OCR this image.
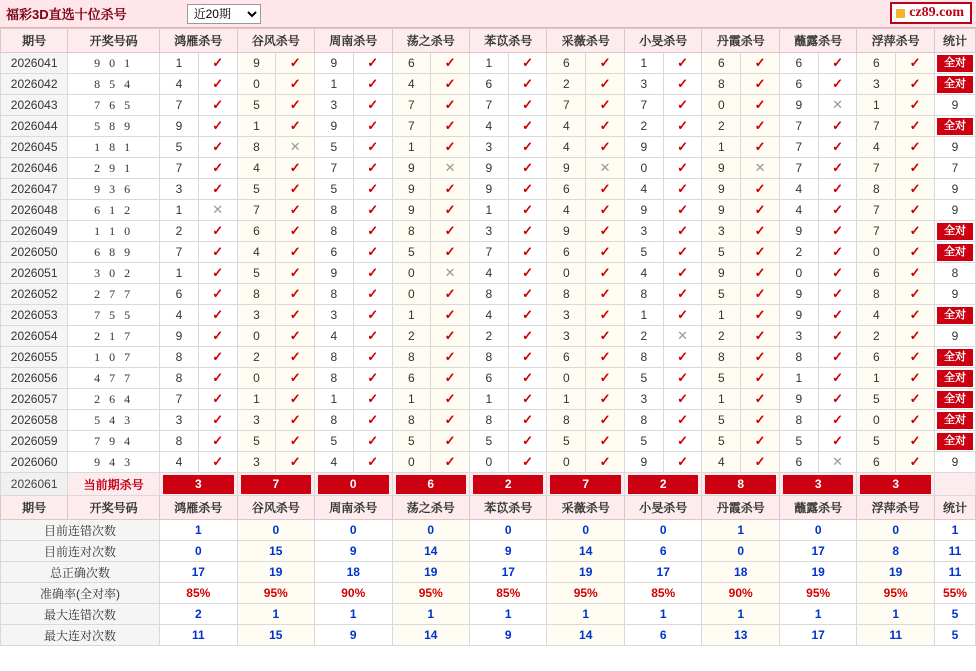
福彩3D直选十位杀号
近20期	cz89.com
期号	开奖号码	鸿雁杀号		谷风杀号		周南杀号		荡之杀号		苯苡杀号		采薇杀号		小旻杀号		丹霞杀号		蘸露杀号		浮萍杀号		统计
2026041	9 0 1	1	✓	9	✓	9	✓	6	✓	1	✓	6	✓	1	✓	6	✓	6	✓	6	✓	全对

2026042	8 5 4	4	✓	0	✓	1	✓	4	✓	6	✓	2	✓	3	✓	8	✓	6	✓	3	✓	全对

2026043	7 6 5	7	✓	5	✓	3	✓	7	✓	7	✓	7	✓	7	✓	0	✓	9	✕	1	✓	9
2026044	5 8 9	9	✓	1	✓	9	✓	7	✓	4	✓	4	✓	2	✓	2	✓	7	✓	7	✓	全对

2026045	1 8 1	5	✓	8	✕	5	✓	1	✓	3	✓	4	✓	9	✓	1	✓	7	✓	4	✓	9
2026046	2 9 1	7	✓	4	✓	7	✓	9	✕	9	✓	9	✕	0	✓	9	✕	7	✓	7	✓	7
2026047	9 3 6	3	✓	5	✓	5	✓	9	✓	9	✓	6	✓	4	✓	9	✓	4	✓	8	✓	9
2026048	6 1 2	1	✕	7	✓	8	✓	9	✓	1	✓	4	✓	9	✓	9	✓	4	✓	7	✓	9
2026049	1 1 0	2	✓	6	✓	8	✓	8	✓	3	✓	9	✓	3	✓	3	✓	9	✓	7	✓	全对

2026050	6 8 9	7	✓	4	✓	6	✓	5	✓	7	✓	6	✓	5	✓	5	✓	2	✓	0	✓	全对

2026051	3 0 2	1	✓	5	✓	9	✓	0	✕	4	✓	0	✓	4	✓	9	✓	0	✓	6	✓	8
2026052	2 7 7	6	✓	8	✓	8	✓	0	✓	8	✓	8	✓	8	✓	5	✓	9	✓	8	✓	9
2026053	7 5 5	4	✓	3	✓	3	✓	1	✓	4	✓	3	✓	1	✓	1	✓	9	✓	4	✓	全对

2026054	2 1 7	9	✓	0	✓	4	✓	2	✓	2	✓	3	✓	2	✕	2	✓	3	✓	2	✓	9
2026055	1 0 7	8	✓	2	✓	8	✓	8	✓	8	✓	6	✓	8	✓	8	✓	8	✓	6	✓	全对

2026056	4 7 7	8	✓	0	✓	8	✓	6	✓	6	✓	0	✓	5	✓	5	✓	1	✓	1	✓	全对

2026057	2 6 4	7	✓	1	✓	1	✓	1	✓	1	✓	1	✓	3	✓	1	✓	9	✓	5	✓	全对

2026058	5 4 3	3	✓	3	✓	8	✓	8	✓	8	✓	8	✓	8	✓	5	✓	8	✓	0	✓	全对

2026059	7 9 4	8	✓	5	✓	5	✓	5	✓	5	✓	5	✓	5	✓	5	✓	5	✓	5	✓	全对

2026060	9 4 3	4	✓	3	✓	4	✓	0	✓	0	✓	0	✓	9	✓	4	✓	6	✕	6	✓	9
2026061	当前期杀号	3		7		0		6		2		7		2		8		3		3		

期号	开奖号码	鸿雁杀号		谷风杀号		周南杀号		荡之杀号		苯苡杀号		采薇杀号		小旻杀号		丹霞杀号		蘸露杀号		浮萍杀号		统计
目前连错次数		1		0		0		0		0		0		0		1		0		0		1
目前连对次数		0		15		9		14		9		14		6		0		17		8		11
总正确次数		17		19		18		19		17		19		17		18		19		19		11
准确率(全对率)		85%		95%		90%		95%		85%		95%		85%		90%		95%		95%		55%
最大连错次数		2		1		1		1		1		1		1		1		1		1		5
最大连对次数		11		15		9		14		9		14		6		13		17		11		5
